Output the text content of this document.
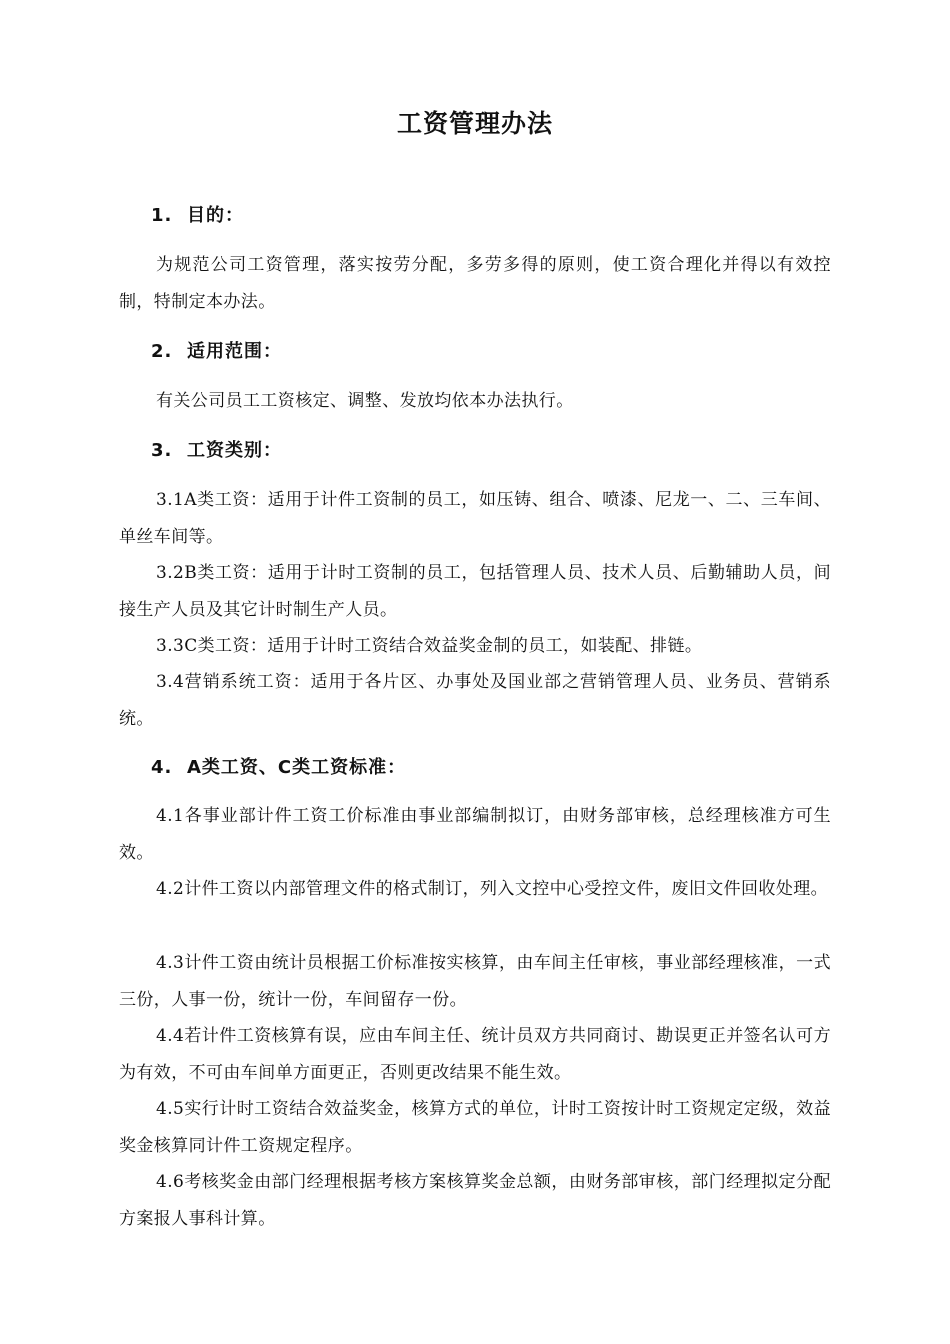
工资管理办法
1. 目的：

为规范公司工资管理，落实按劳分配，多劳多得的原则，使工资合理化并得以有效控制，特制定本办法。

2. 适用范围：

有关公司员工工资核定、调整、发放均依本办法执行。

3. 工资类别：

3.1A类工资：适用于计件工资制的员工，如压铸、组合、喷漆、尼龙一、二、三车间、单丝车间等。

3.2B类工资：适用于计时工资制的员工，包括管理人员、技术人员、后勤辅助人员，间接生产人员及其它计时制生产人员。

3.3C类工资：适用于计时工资结合效益奖金制的员工，如装配、排链。

3.4营销系统工资：适用于各片区、办事处及国业部之营销管理人员、业务员、营销系统。

4. A类工资、C类工资标准：

4.1各事业部计件工资工价标准由事业部编制拟订，由财务部审核，总经理核准方可生效。

4.2计件工资以内部管理文件的格式制订，列入文控中心受控文件，废旧文件回收处理。

4.3计件工资由统计员根据工价标准按实核算，由车间主任审核，事业部经理核准，一式三份，人事一份，统计一份，车间留存一份。

4.4若计件工资核算有误，应由车间主任、统计员双方共同商讨、勘误更正并签名认可方为有效，不可由车间单方面更正，否则更改结果不能生效。

4.5实行计时工资结合效益奖金，核算方式的单位，计时工资按计时工资规定定级，效益奖金核算同计件工资规定程序。

4.6考核奖金由部门经理根据考核方案核算奖金总额，由财务部审核，部门经理拟定分配方案报人事科计算。
